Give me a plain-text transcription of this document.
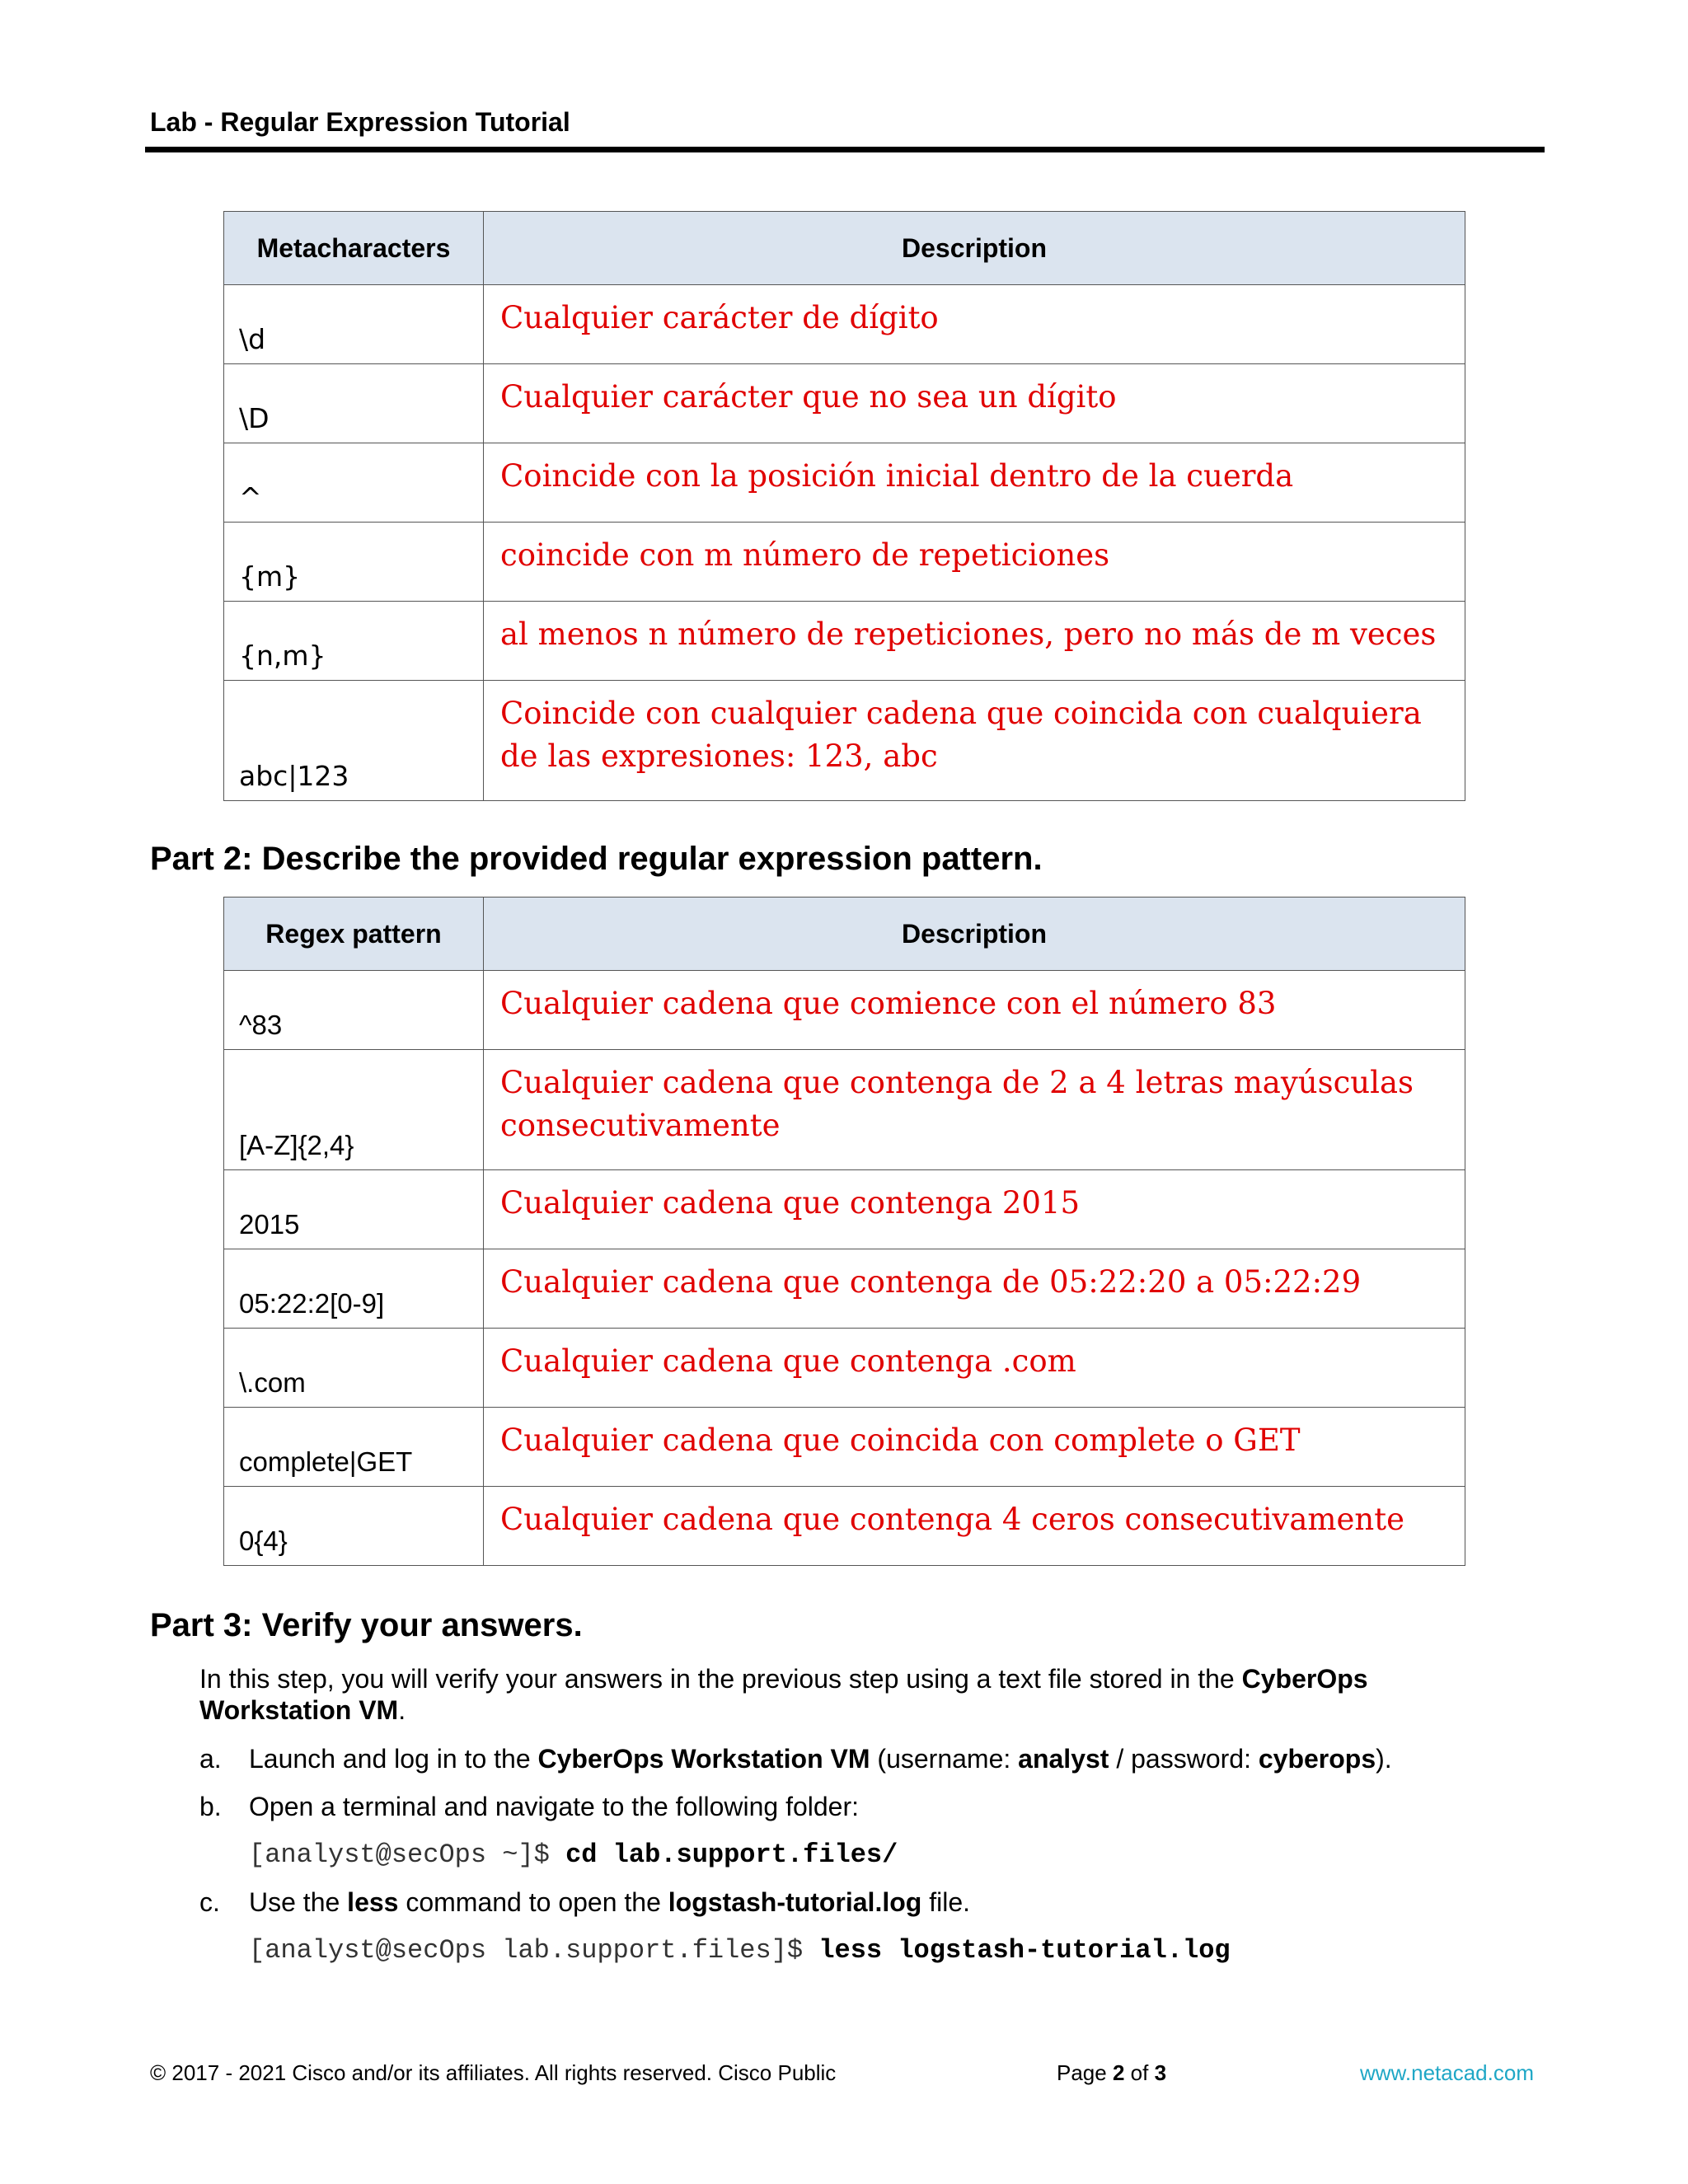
Lab - Regular Expression Tutorial
Metacharacters	Description
\d	Cualquier carácter de dígito
\D	Cualquier carácter que no sea un dígito
^	Coincide con la posición inicial dentro de la cuerda
{m}	coincide con m número de repeticiones
{n,m}	al menos n número de repeticiones, pero no más de m veces
abc|123	Coincide con cualquier cadena que coincida con cualquiera de las expresiones: 123, abc
Part 2: Describe the provided regular expression pattern.
Regex pattern	Description
^83	Cualquier cadena que comience con el número 83
[A-Z]{2,4}	Cualquier cadena que contenga de 2 a 4 letras mayúsculas consecutivamente
2015	Cualquier cadena que contenga 2015
05:22:2[0-9]	Cualquier cadena que contenga de 05:22:20 a 05:22:29
\.com	Cualquier cadena que contenga .com
complete|GET	Cualquier cadena que coincida con complete o GET
0{4}	Cualquier cadena que contenga 4 ceros consecutivamente
Part 3: Verify your answers.
In this step, you will verify your answers in the previous step using a text file stored in the CyberOps Workstation VM.
a. Launch and log in to the CyberOps Workstation VM (username: analyst / password: cyberops).
b. Open a terminal and navigate to the following folder:
[analyst@secOps ~]$ cd lab.support.files/
c. Use the less command to open the logstash-tutorial.log file.
[analyst@secOps lab.support.files]$ less logstash-tutorial.log
© 2017 - 2021 Cisco and/or its affiliates. All rights reserved. Cisco Public	Page 2 of 3	www.netacad.com
